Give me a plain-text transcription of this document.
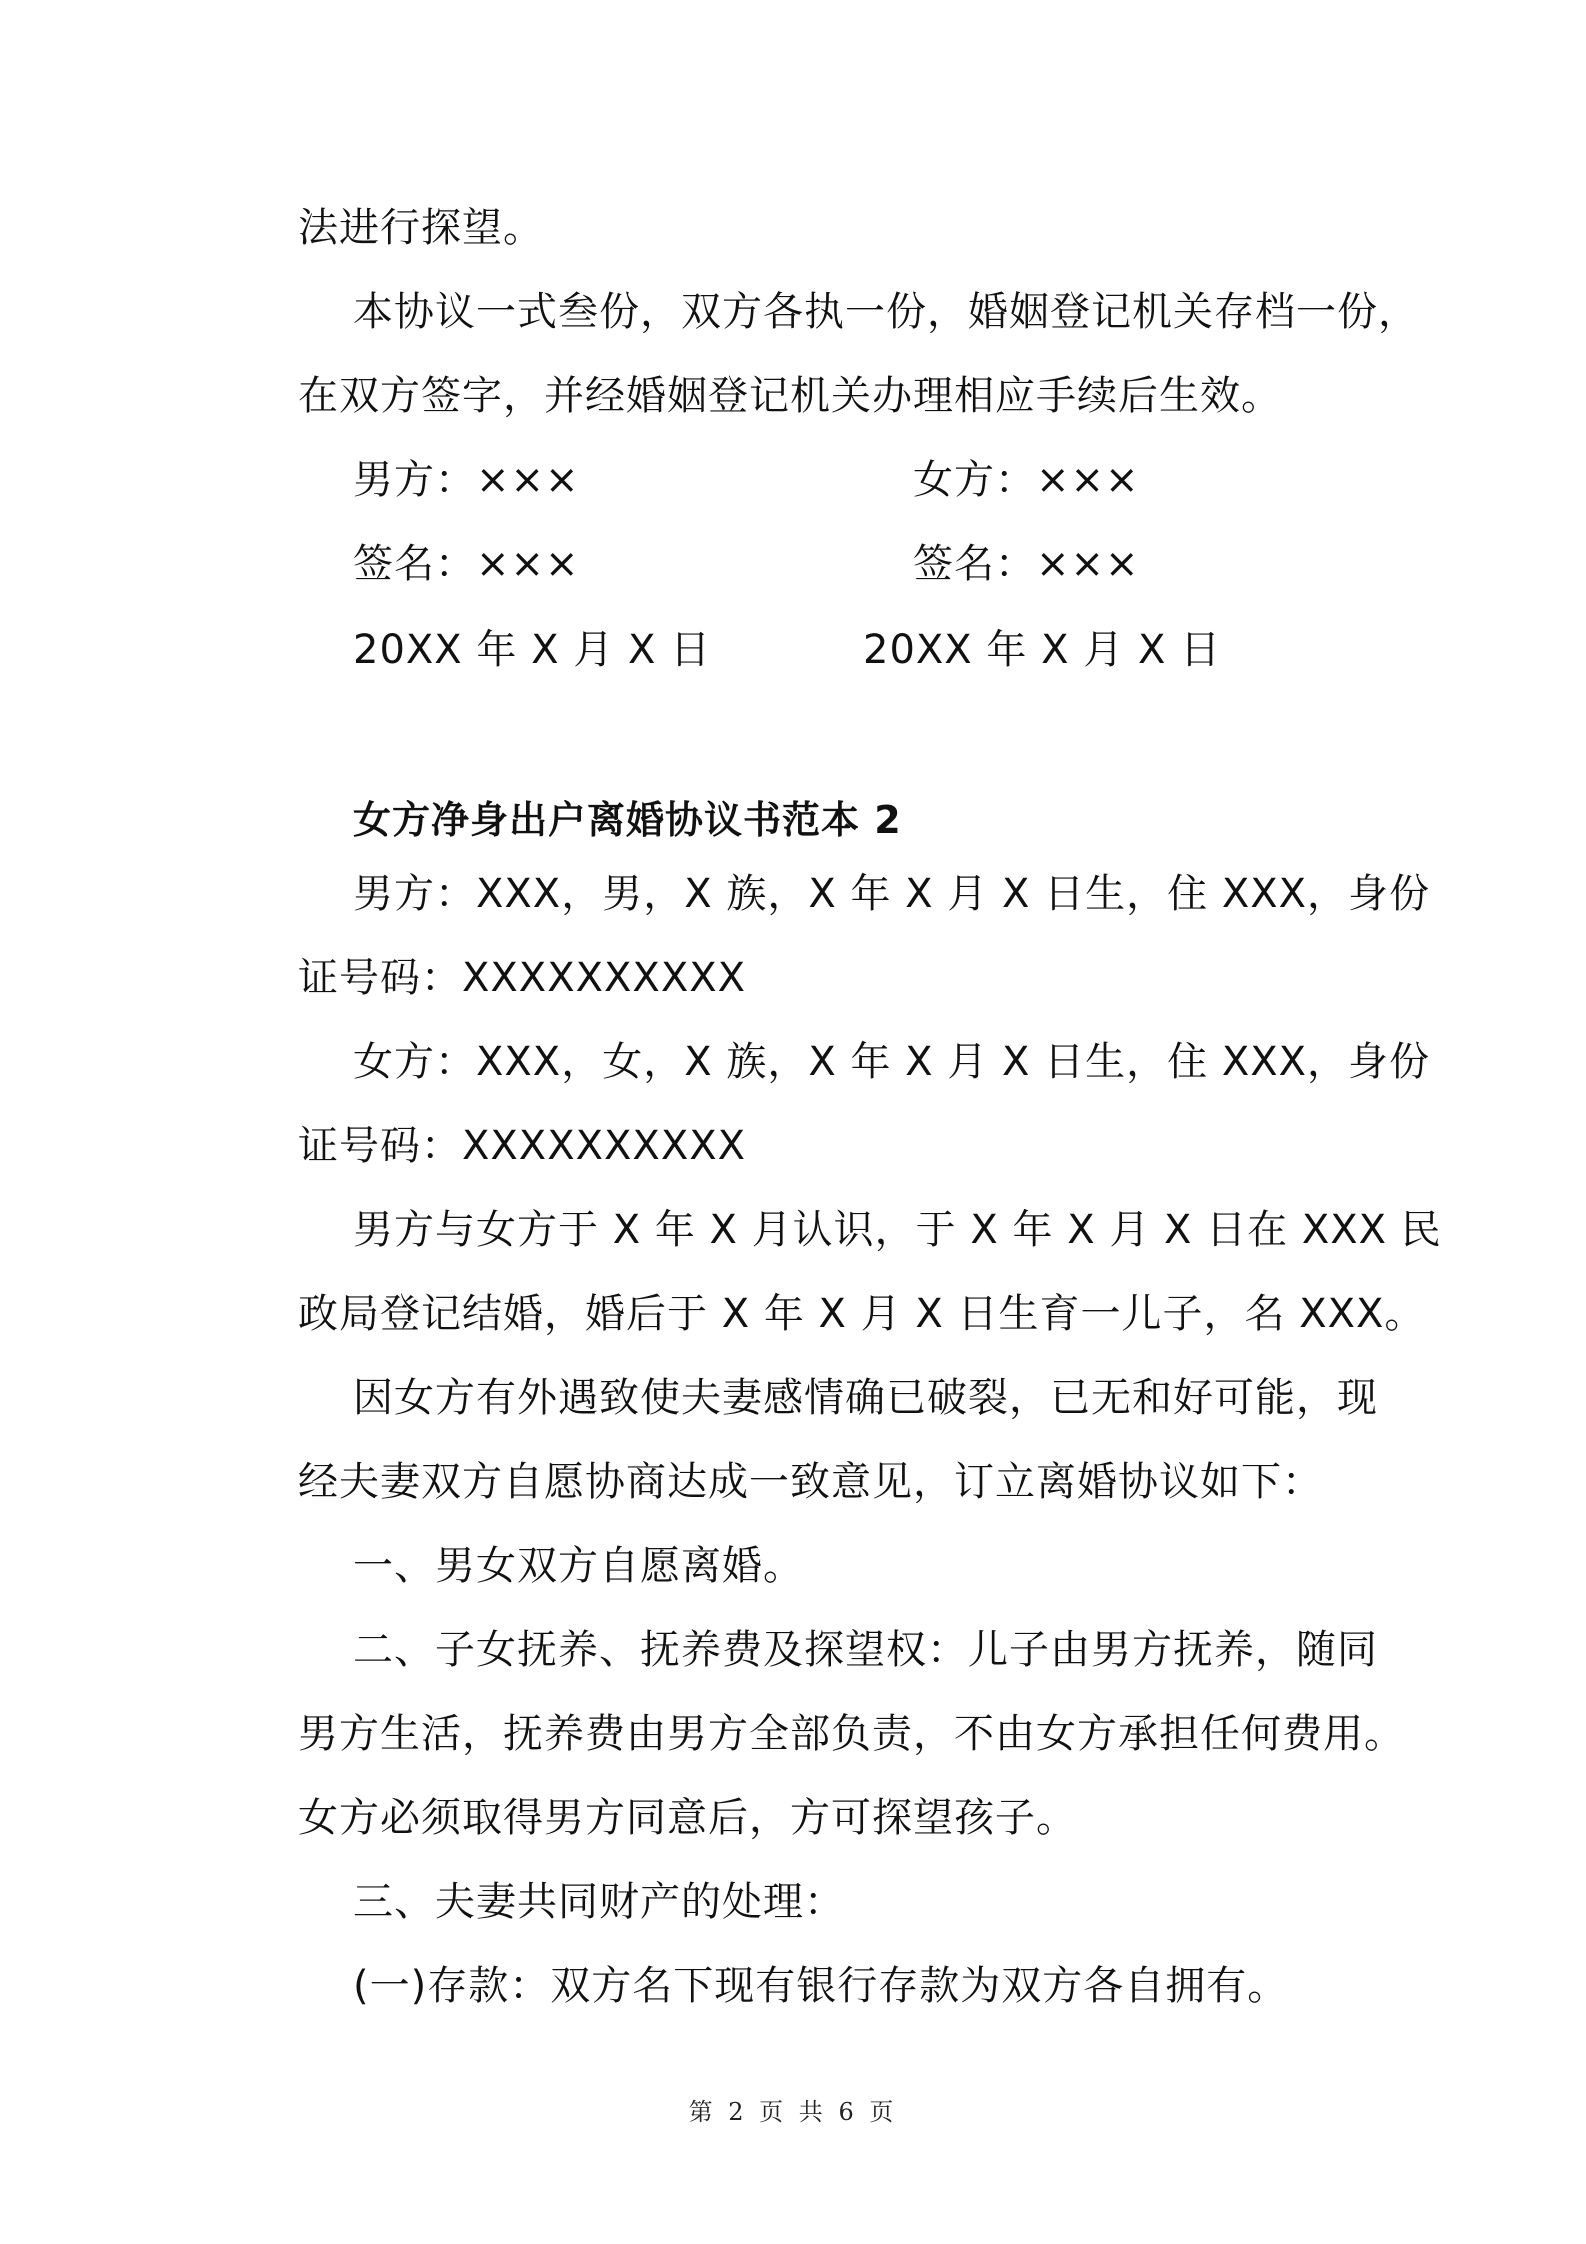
法进行探望。
本协议一式叁份，双方各执一份，婚姻登记机关存档一份，
在双方签字，并经婚姻登记机关办理相应手续后生效。
男方：×××	女方：×××
签名：×××	签名：×××
20XX 年 X 月 X 日	20XX 年 X 月 X 日
女方净身出户离婚协议书范本 2
男方：XXX，男，X 族，X 年 X 月 X 日生，住 XXX，身份
证号码：XXXXXXXXXX
女方：XXX，女，X 族，X 年 X 月 X 日生，住 XXX，身份
证号码：XXXXXXXXXX
男方与女方于 X 年 X 月认识，于 X 年 X 月 X 日在 XXX 民
政局登记结婚，婚后于 X 年 X 月 X 日生育一儿子，名 XXX。
因女方有外遇致使夫妻感情确已破裂，已无和好可能，现
经夫妻双方自愿协商达成一致意见，订立离婚协议如下：
一、男女双方自愿离婚。
二、子女抚养、抚养费及探望权：儿子由男方抚养，随同
男方生活，抚养费由男方全部负责，不由女方承担任何费用。
女方必须取得男方同意后，方可探望孩子。
三、夫妻共同财产的处理：
(一)存款：双方名下现有银行存款为双方各自拥有。
第 2 页 共 6 页
